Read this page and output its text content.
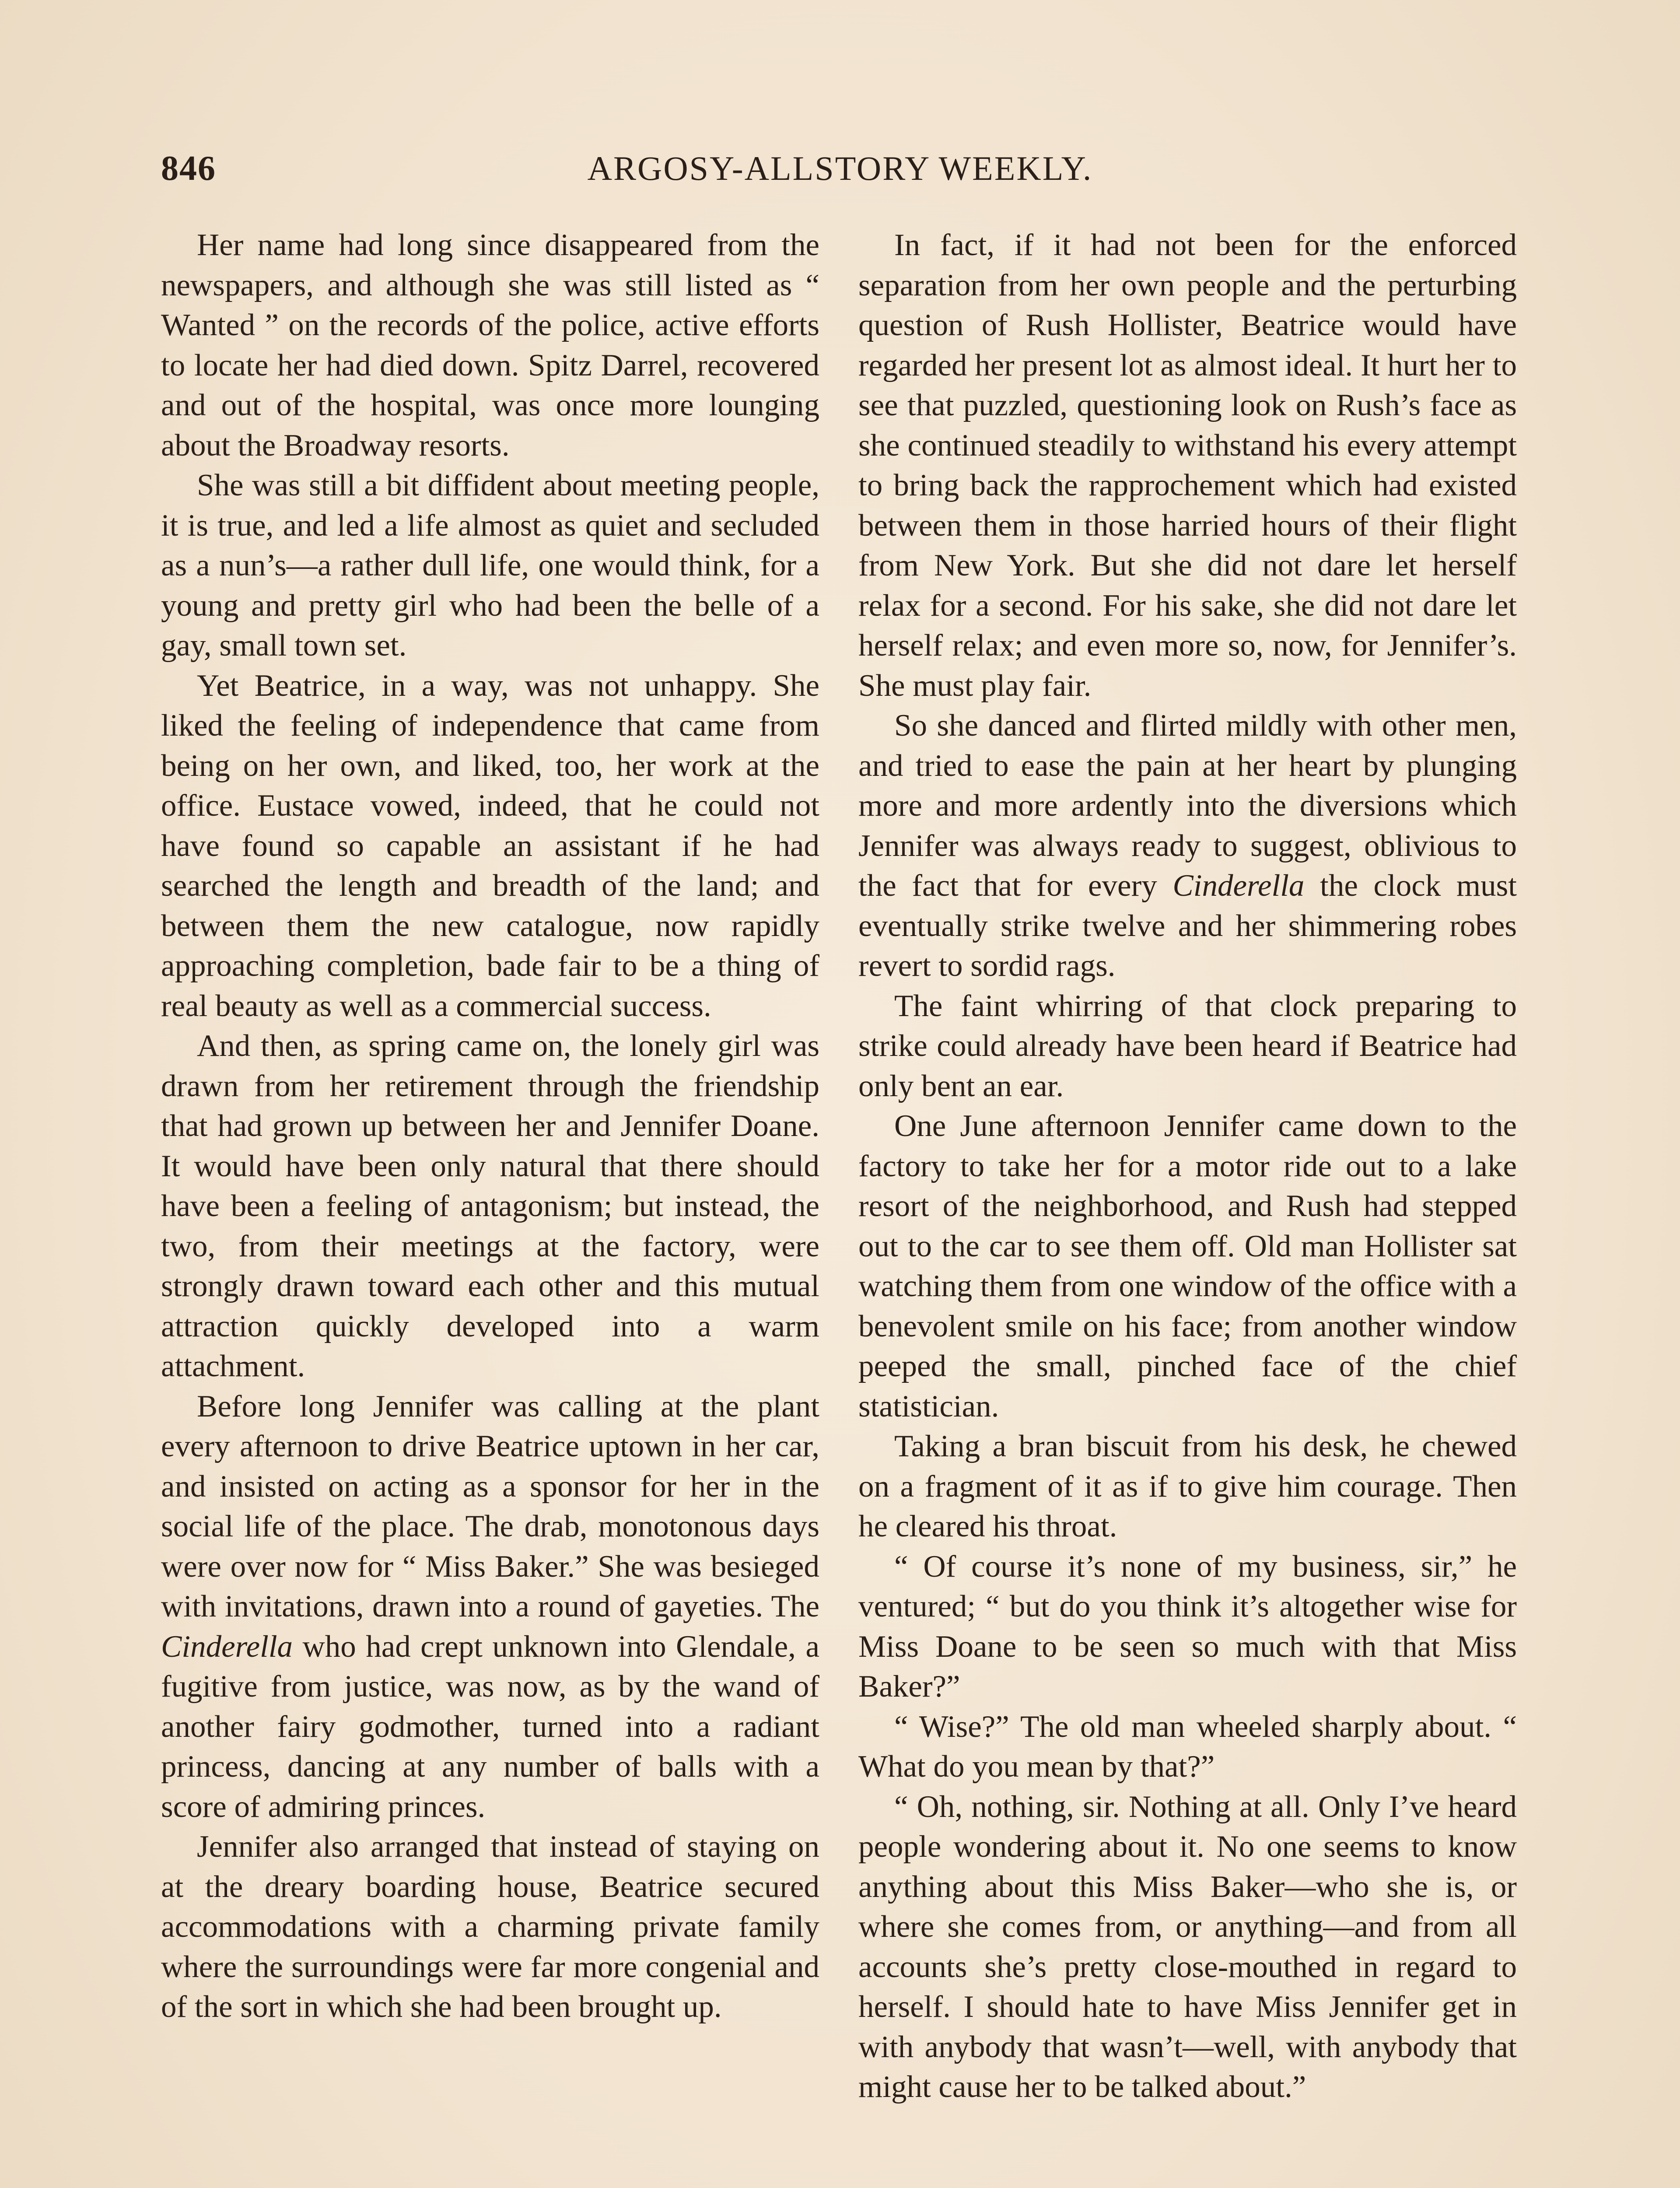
846	ARGOSY-ALLSTORY WEEKLY.

Her name had long since disappeared from the newspapers, and although she was still listed as “ Wanted ” on the records of the police, active efforts to locate her had died down. Spitz Darrel, recovered and out of the hospital, was once more lounging about the Broadway resorts.

She was still a bit diffident about meeting people, it is true, and led a life almost as quiet and secluded as a nun’s—a rather dull life, one would think, for a young and pretty girl who had been the belle of a gay, small town set.

Yet Beatrice, in a way, was not unhappy. She liked the feeling of independence that came from being on her own, and liked, too, her work at the office. Eustace vowed, indeed, that he could not have found so capable an assistant if he had searched the length and breadth of the land; and between them the new catalogue, now rapidly approaching completion, bade fair to be a thing of real beauty as well as a commercial success.

And then, as spring came on, the lonely girl was drawn from her retirement through the friendship that had grown up between her and Jennifer Doane. It would have been only natural that there should have been a feeling of antagonism; but instead, the two, from their meetings at the factory, were strongly drawn toward each other and this mutual attraction quickly developed into a warm attachment.

Before long Jennifer was calling at the plant every afternoon to drive Beatrice uptown in her car, and insisted on acting as a sponsor for her in the social life of the place. The drab, monotonous days were over now for “ Miss Baker.” She was besieged with invitations, drawn into a round of gayeties. The Cinderella who had crept unknown into Glendale, a fugitive from justice, was now, as by the wand of another fairy godmother, turned into a radiant princess, dancing at any number of balls with a score of admiring princes.

Jennifer also arranged that instead of staying on at the dreary boarding house, Beatrice secured accommodations with a charming private family where the surroundings were far more congenial and of the sort in which she had been brought up.

In fact, if it had not been for the enforced separation from her own people and the perturbing question of Rush Hollister, Beatrice would have regarded her present lot as almost ideal. It hurt her to see that puzzled, questioning look on Rush’s face as she continued steadily to withstand his every attempt to bring back the rapprochement which had existed between them in those harried hours of their flight from New York. But she did not dare let herself relax for a second. For his sake, she did not dare let herself relax; and even more so, now, for Jennifer’s. She must play fair.

So she danced and flirted mildly with other men, and tried to ease the pain at her heart by plunging more and more ardently into the diversions which Jennifer was always ready to suggest, oblivious to the fact that for every Cinderella the clock must eventually strike twelve and her shimmering robes revert to sordid rags.

The faint whirring of that clock preparing to strike could already have been heard if Beatrice had only bent an ear.

One June afternoon Jennifer came down to the factory to take her for a motor ride out to a lake resort of the neighborhood, and Rush had stepped out to the car to see them off. Old man Hollister sat watching them from one window of the office with a benevolent smile on his face; from another window peeped the small, pinched face of the chief statistician.

Taking a bran biscuit from his desk, he chewed on a fragment of it as if to give him courage. Then he cleared his throat.

“ Of course it’s none of my business, sir,” he ventured; “ but do you think it’s altogether wise for Miss Doane to be seen so much with that Miss Baker?”

“ Wise?” The old man wheeled sharply about. “ What do you mean by that?”

“ Oh, nothing, sir. Nothing at all. Only I’ve heard people wondering about it. No one seems to know anything about this Miss Baker—who she is, or where she comes from, or anything—and from all accounts she’s pretty close-mouthed in regard to herself. I should hate to have Miss Jennifer get in with anybody that wasn’t—well, with anybody that might cause her to be talked about.”
